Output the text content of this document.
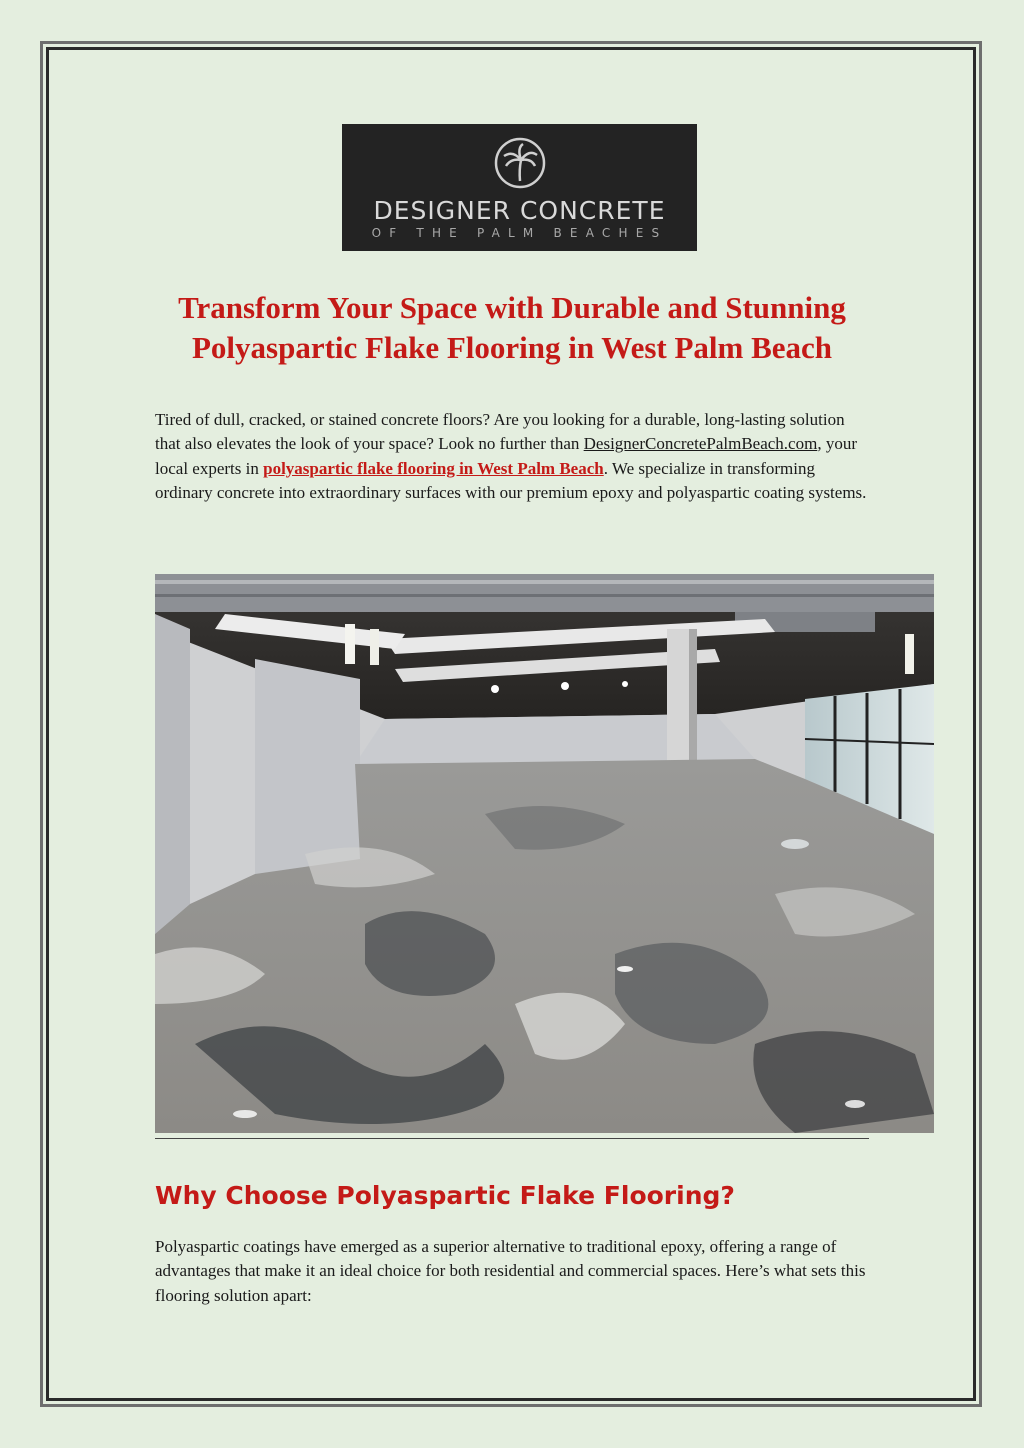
DESIGNER CONCRETE
OF THE PALM BEACHES
Transform Your Space with Durable and Stunning Polyaspartic Flake Flooring in West Palm Beach

Tired of dull, cracked, or stained concrete floors? Are you looking for a durable, long-lasting solution that also elevates the look of your space? Look no further than DesignerConcretePalmBeach.com, your local experts in polyaspartic flake flooring in West Palm Beach. We specialize in transforming ordinary concrete into extraordinary surfaces with our premium epoxy and polyaspartic coating systems.

Why Choose Polyaspartic Flake Flooring?

Polyaspartic coatings have emerged as a superior alternative to traditional epoxy, offering a range of advantages that make it an ideal choice for both residential and commercial spaces. Here’s what sets this flooring solution apart:
